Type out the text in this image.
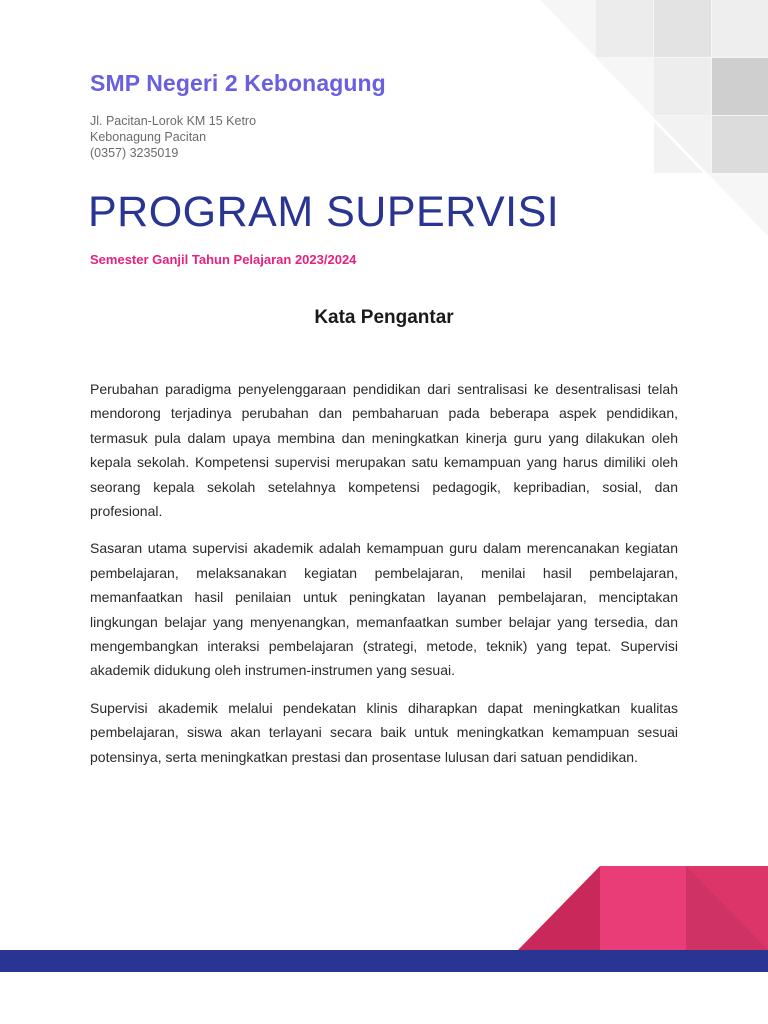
SMP Negeri 2 Kebonagung
Jl. Pacitan-Lorok KM 15 Ketro
Kebonagung Pacitan
(0357) 3235019
PROGRAM SUPERVISI
Semester Ganjil Tahun Pelajaran 2023/2024
Kata Pengantar

Perubahan paradigma penyelenggaraan pendidikan dari sentralisasi ke desentralisasi telah mendorong terjadinya perubahan dan pembaharuan pada beberapa aspek pendidikan, termasuk pula dalam upaya membina dan meningkatkan kinerja guru yang dilakukan oleh kepala sekolah. Kompetensi supervisi merupakan satu kemampuan yang harus dimiliki oleh seorang kepala sekolah setelahnya kompetensi pedagogik, kepribadian, sosial, dan profesional.

Sasaran utama supervisi akademik adalah kemampuan guru dalam merencanakan kegiatan pembelajaran, melaksanakan kegiatan pembelajaran, menilai hasil pembelajaran, memanfaatkan hasil penilaian untuk peningkatan layanan pembelajaran, menciptakan lingkungan belajar yang menyenangkan, memanfaatkan sumber belajar yang tersedia, dan mengembangkan interaksi pembelajaran (strategi, metode, teknik) yang tepat. Supervisi akademik didukung oleh instrumen-instrumen yang sesuai.

Supervisi akademik melalui pendekatan klinis diharapkan dapat meningkatkan kualitas pembelajaran, siswa akan terlayani secara baik untuk meningkatkan kemampuan sesuai potensinya, serta meningkatkan prestasi dan prosentase lulusan dari satuan pendidikan.
